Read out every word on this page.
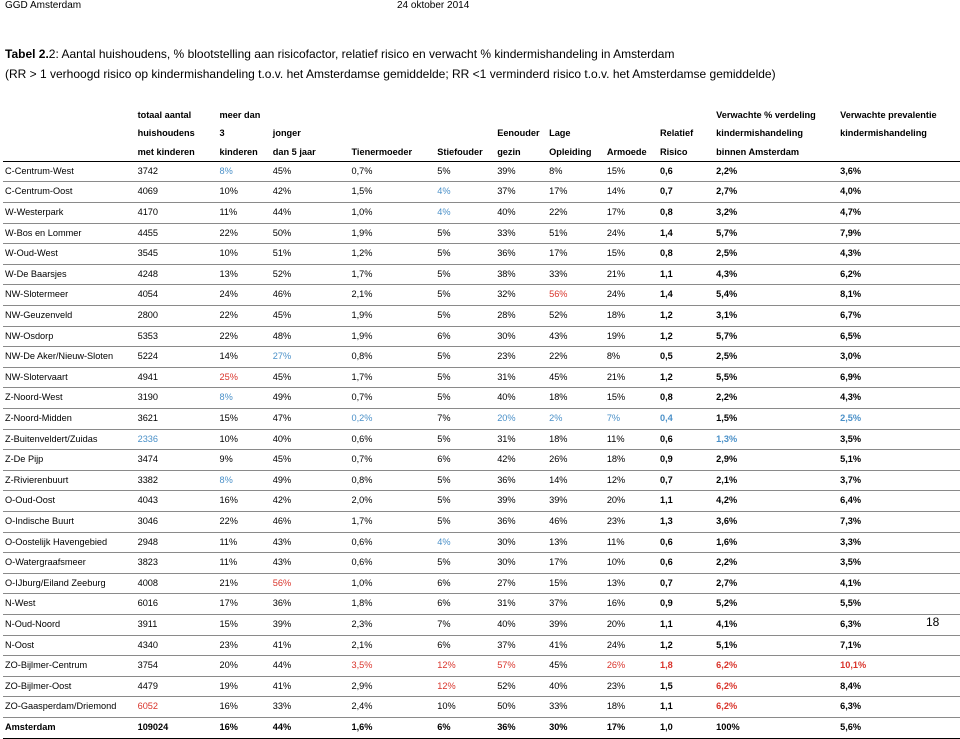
GGD Amsterdam	24 oktober 2014
Tabel 2.2: Aantal huishoudens, % blootstelling aan risicofactor, relatief risico en verwacht % kindermishandeling in Amsterdam
(RR > 1 verhoogd risico op kindermishandeling t.o.v. het Amsterdamse gemiddelde; RR <1 verminderd risico t.o.v. het Amsterdamse gemiddelde)
	totaal aantal	meer dan								Verwachte % verdeling	Verwachte prevalentie
	huishoudens	3	jonger			Eenouder	Lage		Relatief	kindermishandeling	kindermishandeling
	met kinderen	kinderen	dan 5 jaar	Tienermoeder	Stiefouder	gezin	Opleiding	Armoede	Risico	binnen Amsterdam	
C-Centrum-West	3742	8%	45%	0,7%	5%	39%	8%	15%	0,6	2,2%	3,6%
C-Centrum-Oost	4069	10%	42%	1,5%	4%	37%	17%	14%	0,7	2,7%	4,0%
W-Westerpark	4170	11%	44%	1,0%	4%	40%	22%	17%	0,8	3,2%	4,7%
W-Bos en Lommer	4455	22%	50%	1,9%	5%	33%	51%	24%	1,4	5,7%	7,9%
W-Oud-West	3545	10%	51%	1,2%	5%	36%	17%	15%	0,8	2,5%	4,3%
W-De Baarsjes	4248	13%	52%	1,7%	5%	38%	33%	21%	1,1	4,3%	6,2%
NW-Slotermeer	4054	24%	46%	2,1%	5%	32%	56%	24%	1,4	5,4%	8,1%
NW-Geuzenveld	2800	22%	45%	1,9%	5%	28%	52%	18%	1,2	3,1%	6,7%
NW-Osdorp	5353	22%	48%	1,9%	6%	30%	43%	19%	1,2	5,7%	6,5%
NW-De Aker/Nieuw-Sloten	5224	14%	27%	0,8%	5%	23%	22%	8%	0,5	2,5%	3,0%
NW-Slotervaart	4941	25%	45%	1,7%	5%	31%	45%	21%	1,2	5,5%	6,9%
Z-Noord-West	3190	8%	49%	0,7%	5%	40%	18%	15%	0,8	2,2%	4,3%
Z-Noord-Midden	3621	15%	47%	0,2%	7%	20%	2%	7%	0,4	1,5%	2,5%
Z-Buitenveldert/Zuidas	2336	10%	40%	0,6%	5%	31%	18%	11%	0,6	1,3%	3,5%
Z-De Pijp	3474	9%	45%	0,7%	6%	42%	26%	18%	0,9	2,9%	5,1%
Z-Rivierenbuurt	3382	8%	49%	0,8%	5%	36%	14%	12%	0,7	2,1%	3,7%
O-Oud-Oost	4043	16%	42%	2,0%	5%	39%	39%	20%	1,1	4,2%	6,4%
O-Indische Buurt	3046	22%	46%	1,7%	5%	36%	46%	23%	1,3	3,6%	7,3%
O-Oostelijk Havengebied	2948	11%	43%	0,6%	4%	30%	13%	11%	0,6	1,6%	3,3%
O-Watergraafsmeer	3823	11%	43%	0,6%	5%	30%	17%	10%	0,6	2,2%	3,5%
O-IJburg/Eiland Zeeburg	4008	21%	56%	1,0%	6%	27%	15%	13%	0,7	2,7%	4,1%
N-West	6016	17%	36%	1,8%	6%	31%	37%	16%	0,9	5,2%	5,5%
N-Oud-Noord	3911	15%	39%	2,3%	7%	40%	39%	20%	1,1	4,1%	6,3%
N-Oost	4340	23%	41%	2,1%	6%	37%	41%	24%	1,2	5,1%	7,1%
ZO-Bijlmer-Centrum	3754	20%	44%	3,5%	12%	57%	45%	26%	1,8	6,2%	10,1%
ZO-Bijlmer-Oost	4479	19%	41%	2,9%	12%	52%	40%	23%	1,5	6,2%	8,4%
ZO-Gaasperdam/Driemond	6052	16%	33%	2,4%	10%	50%	33%	18%	1,1	6,2%	6,3%
Amsterdam	109024	16%	44%	1,6%	6%	36%	30%	17%	1,0	100%	5,6%
18
